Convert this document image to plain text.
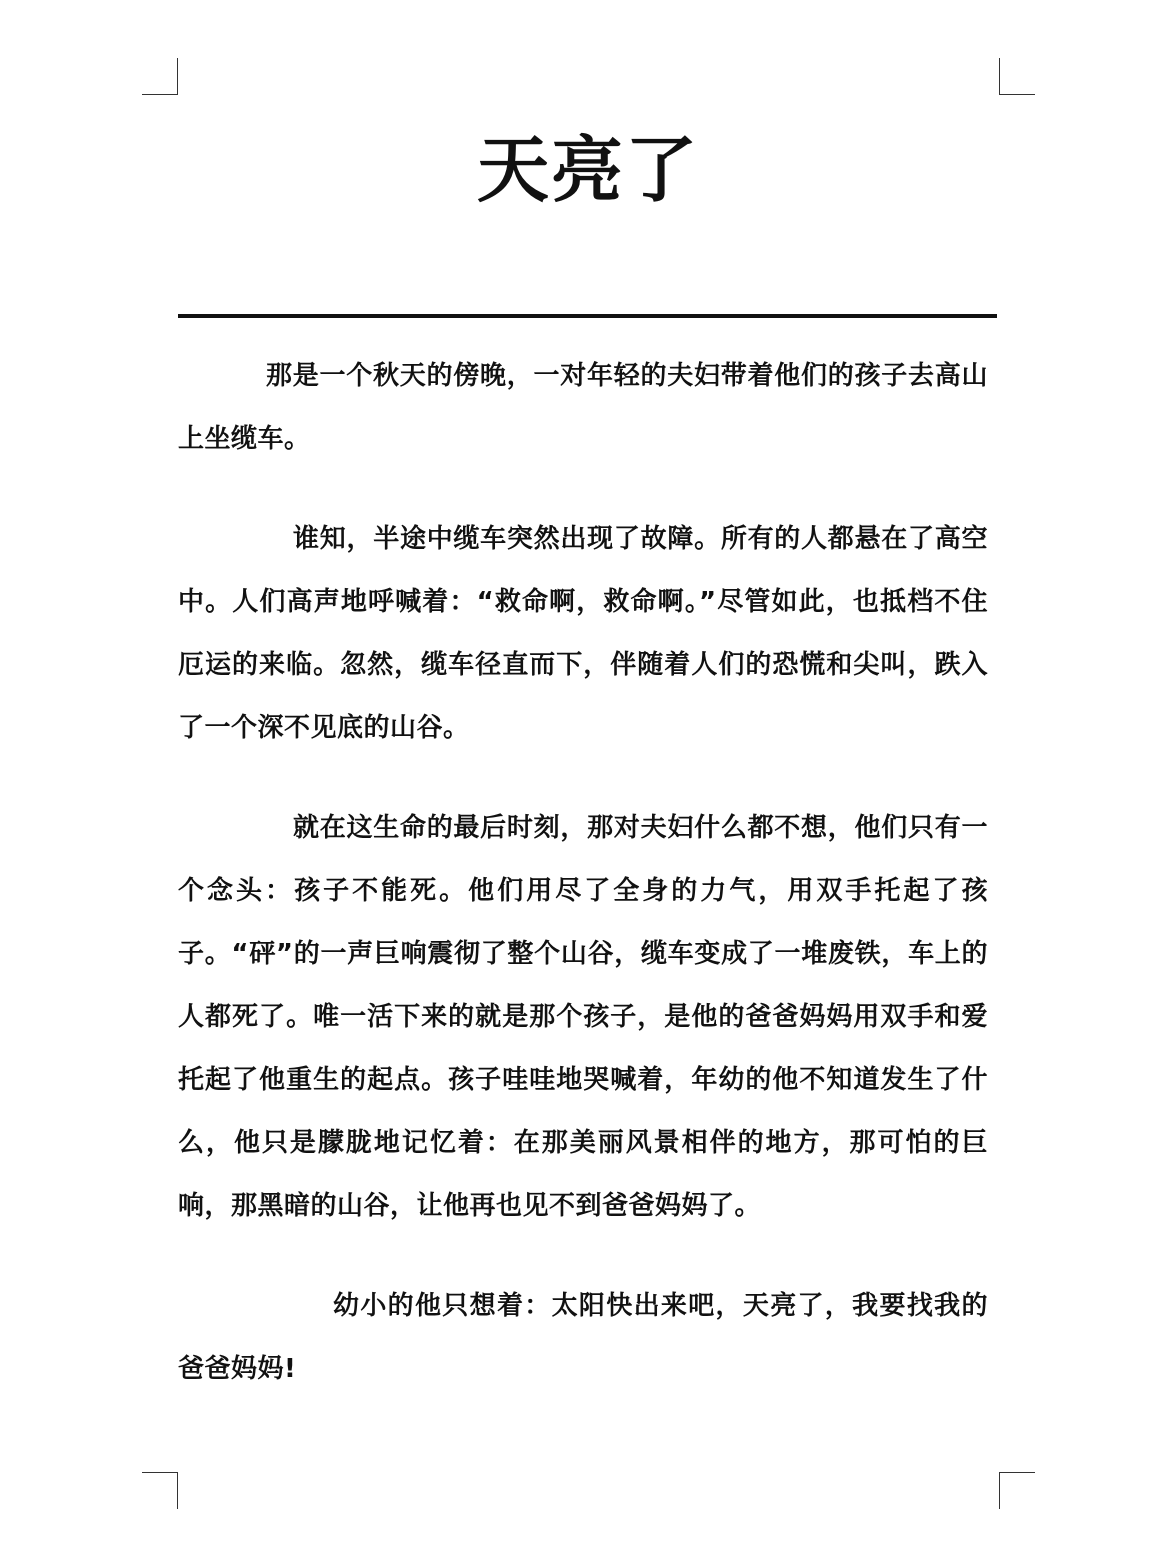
天亮了

那是一个秋天的傍晚，一对年轻的夫妇带着他们的孩子去高山上坐缆车。

谁知，半途中缆车突然出现了故障。所有的人都悬在了高空中。人们高声地呼喊着：“救命啊，救命啊。”尽管如此，也抵档不住厄运的来临。忽然，缆车径直而下，伴随着人们的恐慌和尖叫，跌入了一个深不见底的山谷。

就在这生命的最后时刻，那对夫妇什么都不想，他们只有一个念头：孩子不能死。他们用尽了全身的力气，用双手托起了孩子。“砰”的一声巨响震彻了整个山谷，缆车变成了一堆废铁，车上的人都死了。唯一活下来的就是那个孩子，是他的爸爸妈妈用双手和爱托起了他重生的起点。孩子哇哇地哭喊着，年幼的他不知道发生了什么，他只是朦胧地记忆着：在那美丽风景相伴的地方，那可怕的巨响，那黑暗的山谷，让他再也见不到爸爸妈妈了。

幼小的他只想着：太阳快出来吧，天亮了，我要找我的爸爸妈妈!
